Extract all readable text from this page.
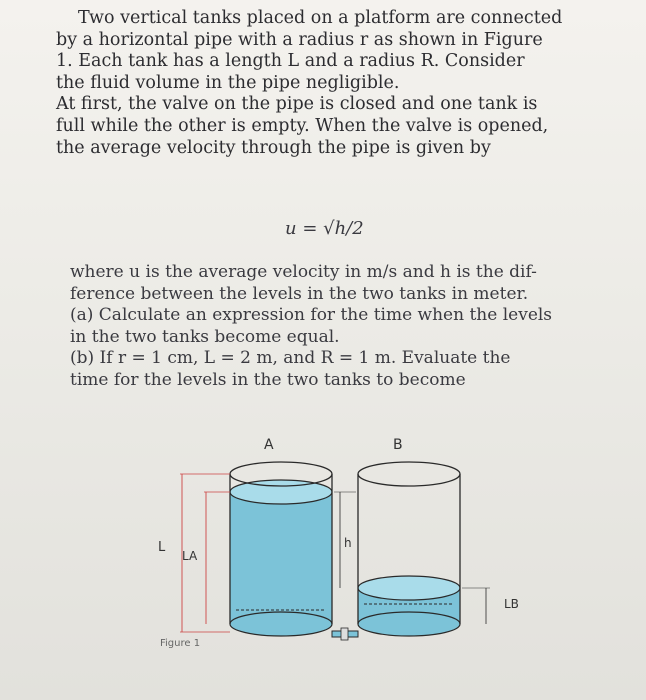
Two vertical tanks placed on a platform are connected
by a horizontal pipe with a radius r as shown in Figure
1. Each tank has a length L and a radius R. Consider
the fluid volume in the pipe negligible.
At first, the valve on the pipe is closed and one tank is
full while the other is empty. When the valve is opened,
the average velocity through the pipe is given by
u = √h/2
where u is the average velocity in m/s and h is the dif-
ference between the levels in the two tanks in meter.
(a) Calculate an expression for the time when the levels
in the two tanks become equal.
(b) If r = 1 cm, L = 2 m, and R = 1 m. Evaluate the
time for the levels in the two tanks to become
A	B
L
LA
h
LB
Figure 1
